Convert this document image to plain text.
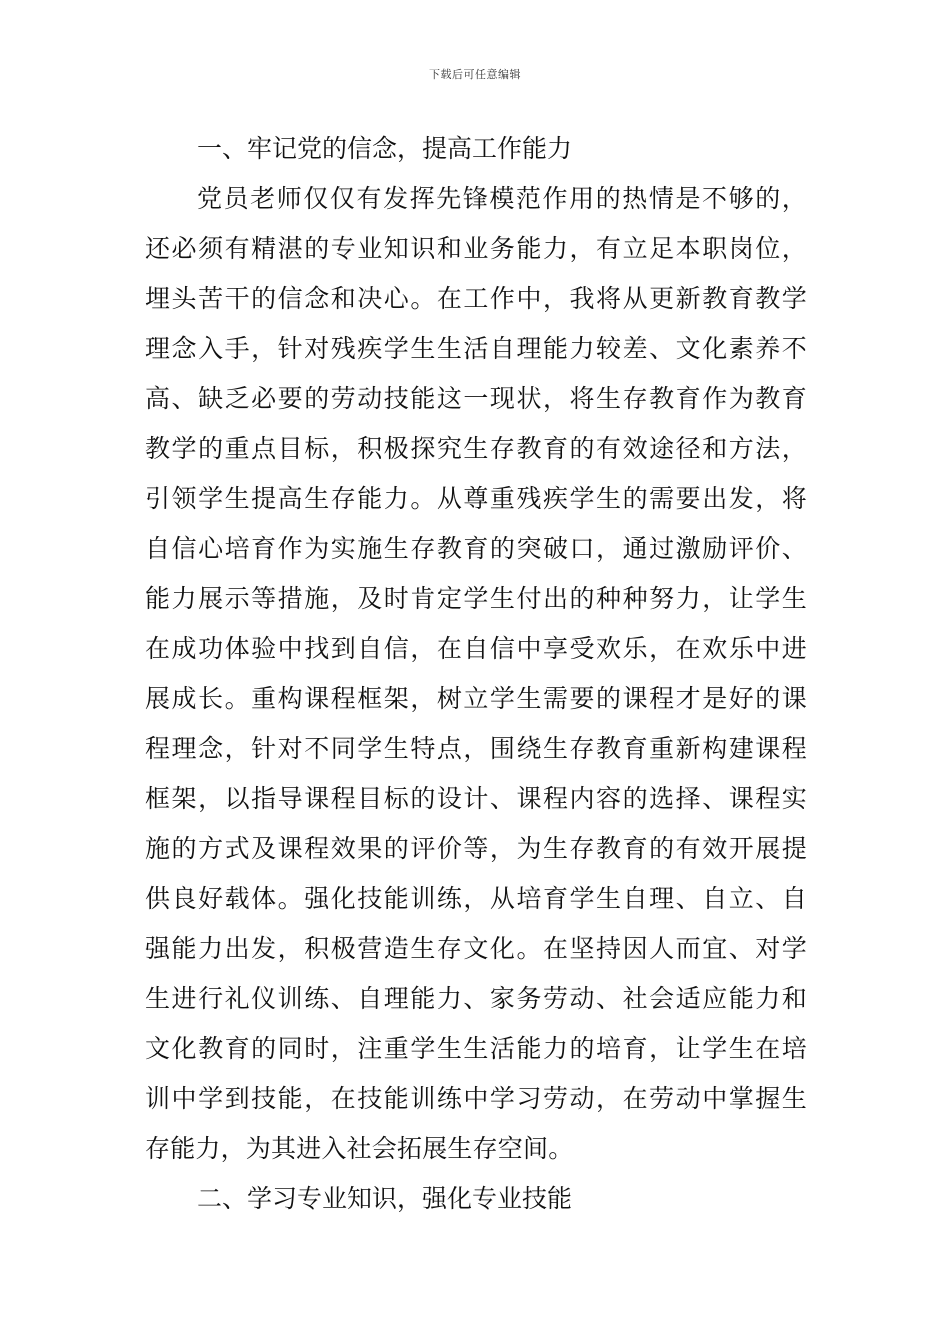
下载后可任意编辑

一、牢记党的信念，提高工作能力

党员老师仅仅有发挥先锋模范作用的热情是不够的，

还必须有精湛的专业知识和业务能力，有立足本职岗位，

埋头苦干的信念和决心。在工作中，我将从更新教育教学

理念入手，针对残疾学生生活自理能力较差、文化素养不

高、缺乏必要的劳动技能这一现状，将生存教育作为教育

教学的重点目标，积极探究生存教育的有效途径和方法，

引领学生提高生存能力。从尊重残疾学生的需要出发，将

自信心培育作为实施生存教育的突破口，通过激励评价、

能力展示等措施，及时肯定学生付出的种种努力，让学生

在成功体验中找到自信，在自信中享受欢乐，在欢乐中进

展成长。重构课程框架，树立学生需要的课程才是好的课

程理念，针对不同学生特点，围绕生存教育重新构建课程

框架，以指导课程目标的设计、课程内容的选择、课程实

施的方式及课程效果的评价等，为生存教育的有效开展提

供良好载体。强化技能训练，从培育学生自理、自立、自

强能力出发，积极营造生存文化。在坚持因人而宜、对学

生进行礼仪训练、自理能力、家务劳动、社会适应能力和

文化教育的同时，注重学生生活能力的培育，让学生在培

训中学到技能，在技能训练中学习劳动，在劳动中掌握生

存能力，为其进入社会拓展生存空间。

二、学习专业知识，强化专业技能
